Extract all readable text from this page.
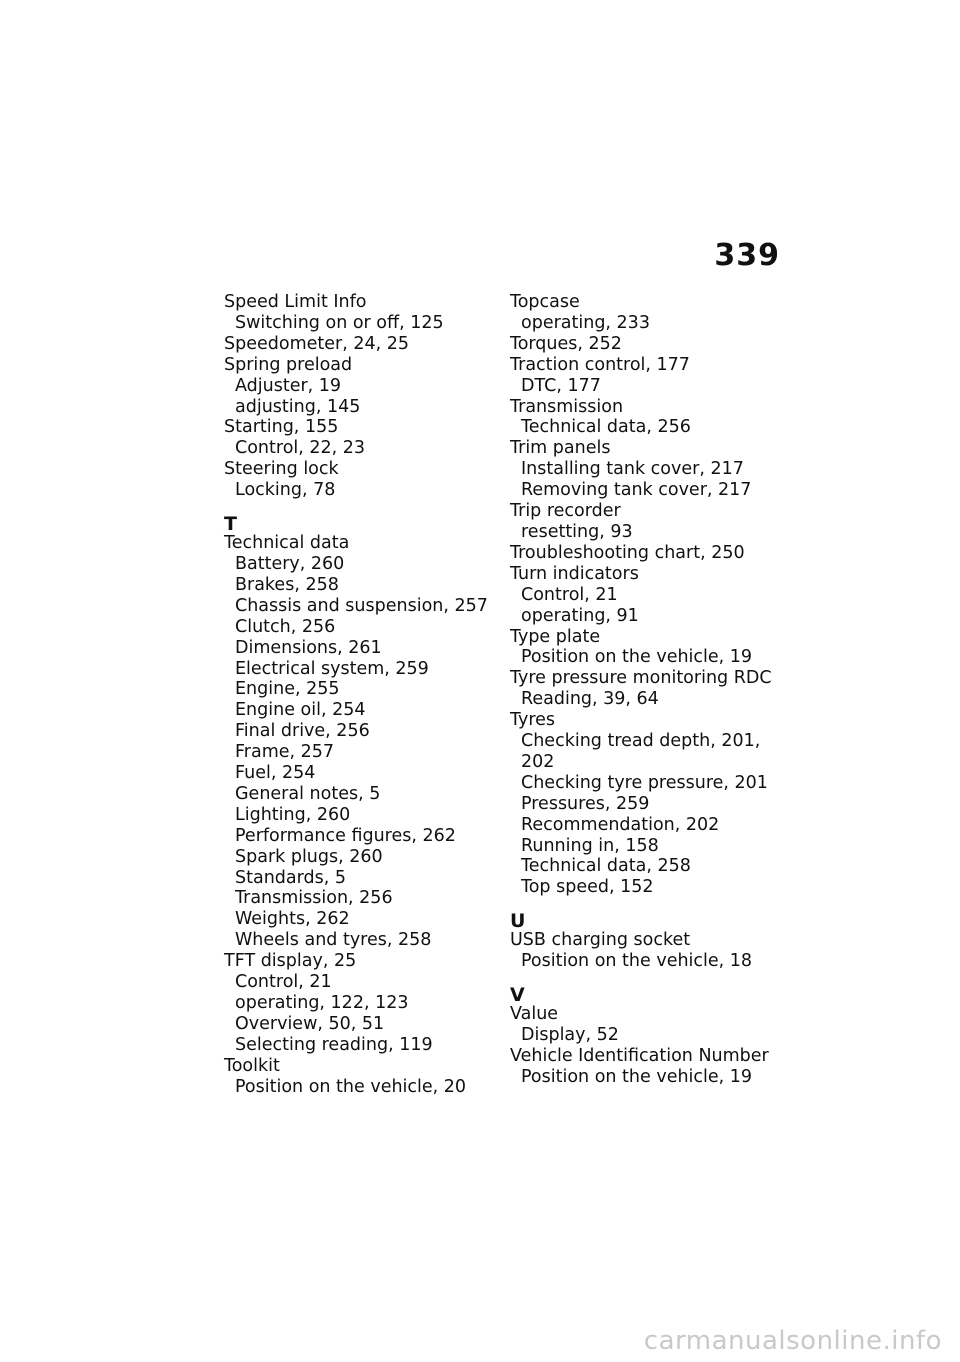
339
Speed Limit Info
Switching on or off, 125
Speedometer, 24, 25
Spring preload
Adjuster, 19
adjusting, 145
Starting, 155
Control, 22, 23
Steering lock
Locking, 78
T
Technical data
Battery, 260
Brakes, 258
Chassis and suspension, 257
Clutch, 256
Dimensions, 261
Electrical system, 259
Engine, 255
Engine oil, 254
Final drive, 256
Frame, 257
Fuel, 254
General notes, 5
Lighting, 260
Performance figures, 262
Spark plugs, 260
Standards, 5
Transmission, 256
Weights, 262
Wheels and tyres, 258
TFT display, 25
Control, 21
operating, 122, 123
Overview, 50, 51
Selecting reading, 119
Toolkit
Position on the vehicle, 20
Topcase
operating, 233
Torques, 252
Traction control, 177
DTC, 177
Transmission
Technical data, 256
Trim panels
Installing tank cover, 217
Removing tank cover, 217
Trip recorder
resetting, 93
Troubleshooting chart, 250
Turn indicators
Control, 21
operating, 91
Type plate
Position on the vehicle, 19
Tyre pressure monitoring RDC
Reading, 39, 64
Tyres
Checking tread depth, 201, 202
Checking tyre pressure, 201
Pressures, 259
Recommendation, 202
Running in, 158
Technical data, 258
Top speed, 152
U
USB charging socket
Position on the vehicle, 18
V
Value
Display, 52
Vehicle Identification Number
Position on the vehicle, 19
carmanualsonline.info
